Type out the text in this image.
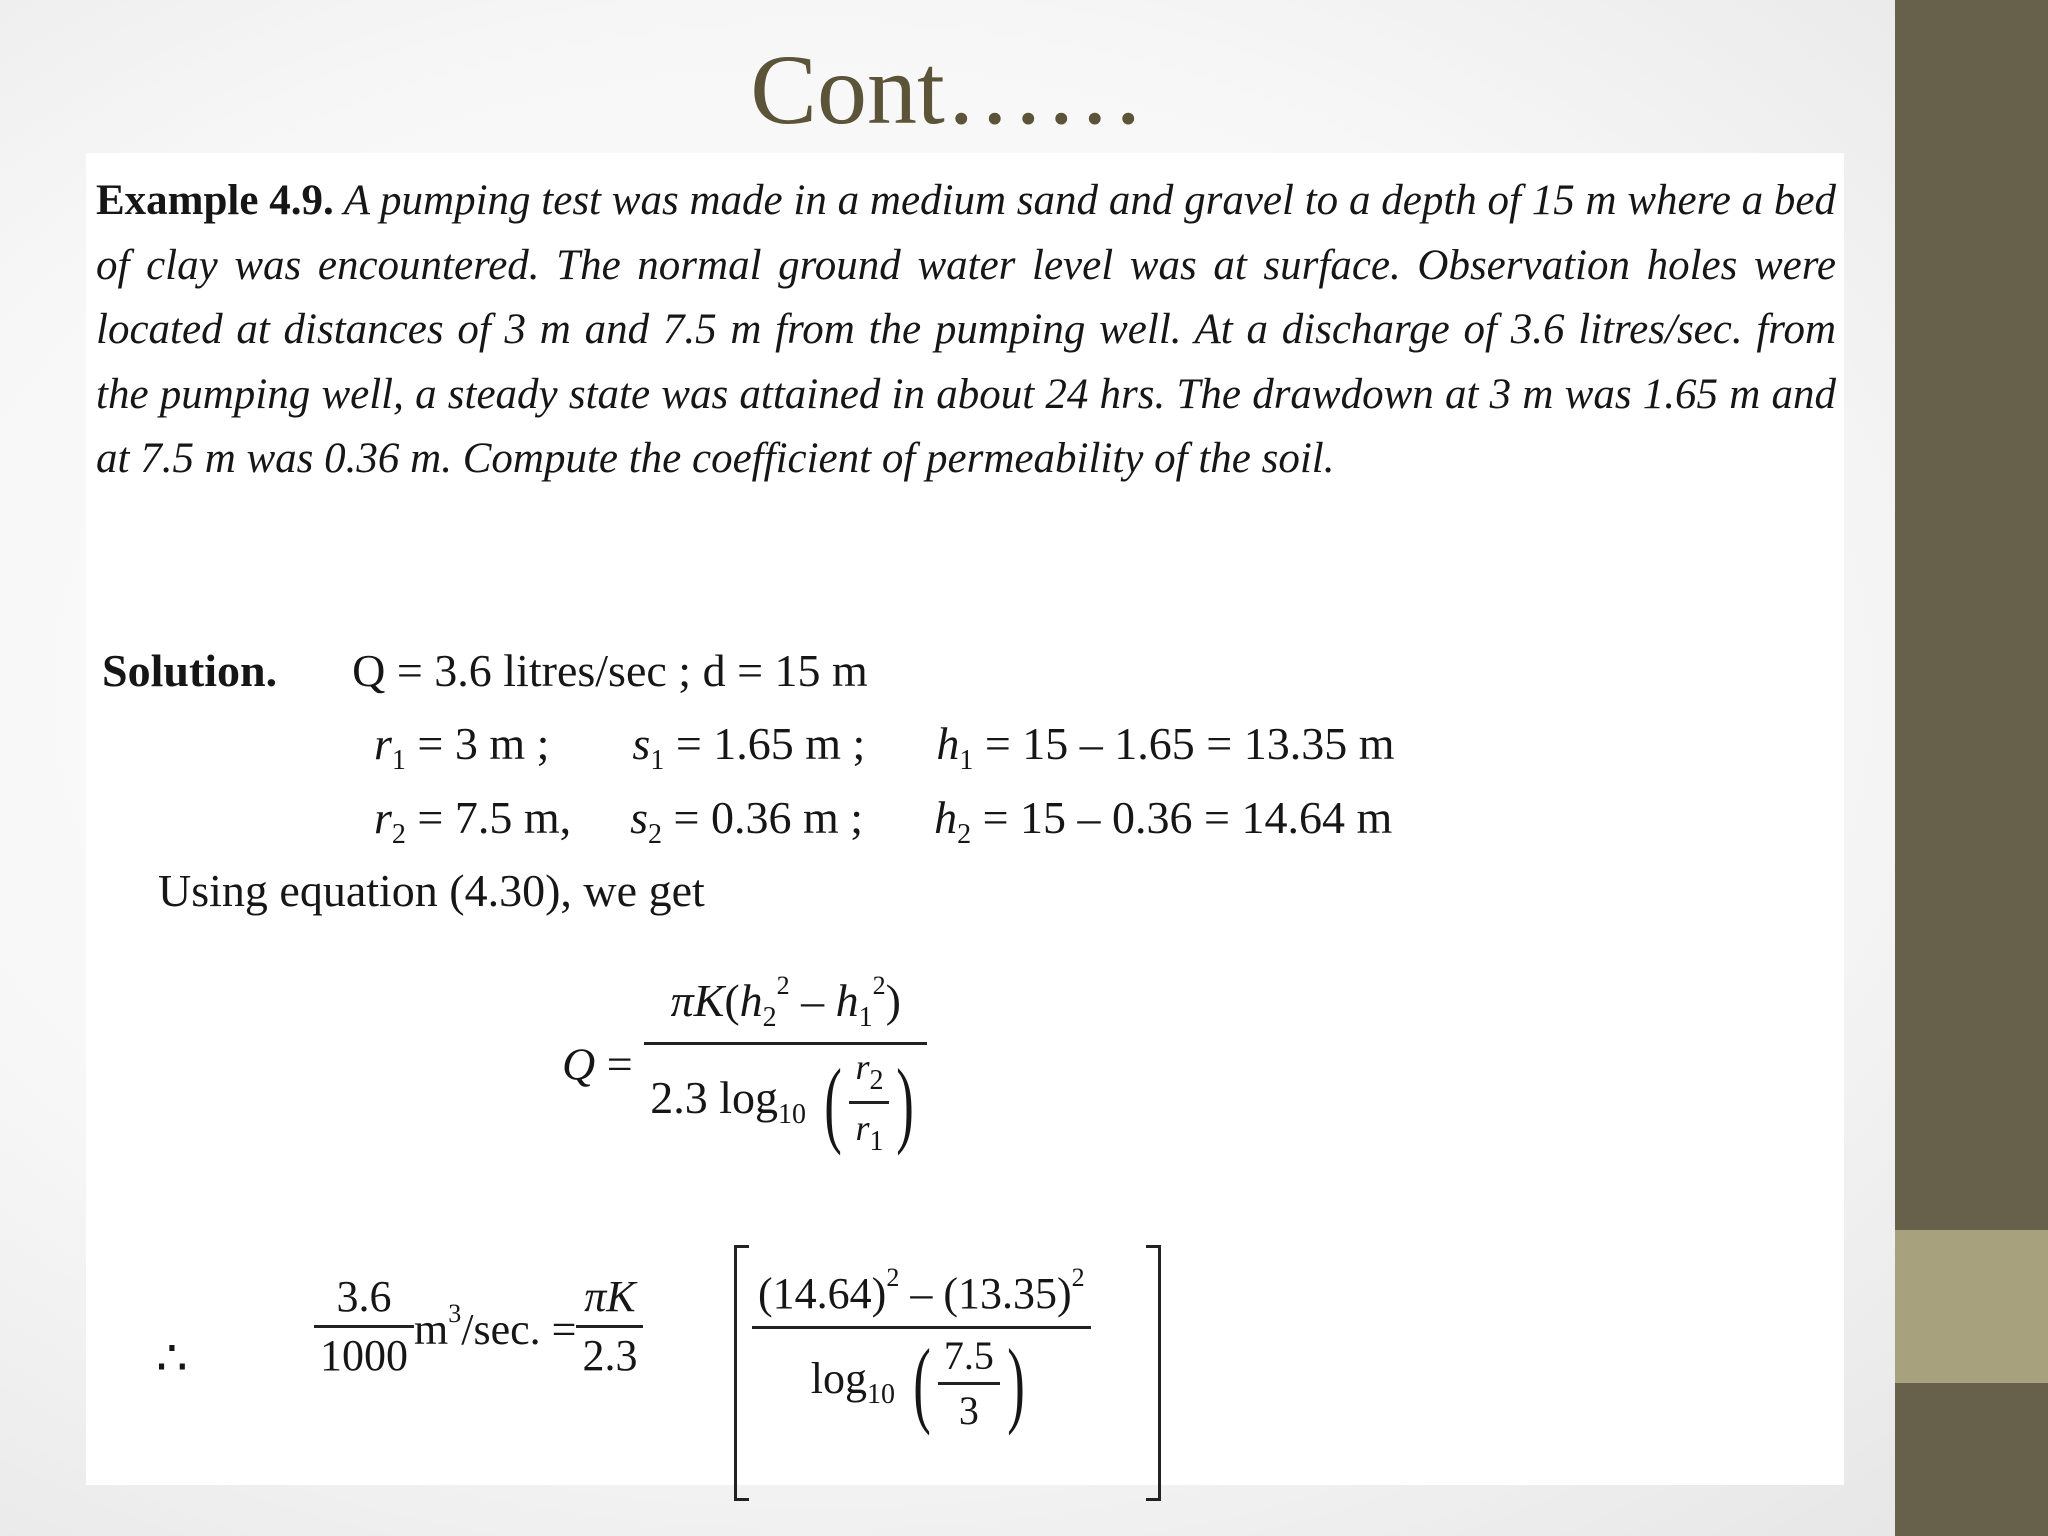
Cont……
Example 4.9. A pumping test was made in a medium sand and gravel to a depth of 15 m where a bed of clay was encountered. The normal ground water level was at surface. Observation holes were located at distances of 3 m and 7.5 m from the pumping well. At a discharge of 3.6 litres/sec. from the pumping well, a steady state was attained in about 24 hrs. The drawdown at 3 m was 1.65 m and at 7.5 m was 0.36 m. Compute the coefficient of permeability of the soil.
Solution. Q = 3.6 litres/sec ; d = 15 m
$r_1 = 3$ m ; $s_1 = 1.65$ m ; $h_1 = 15 - 1.65 = 13.35$ m
$r_2 = 7.5$ m, $s_2 = 0.36$ m ; $h_2 = 15 - 0.36 = 14.64$ m
Using equation (4.30), we get
$Q = \frac{\pi K(h_2^2 - h_1^2)}{2.3 \log_{10} ( \frac{r_2}{r_1} )}$
∴	$\frac{3.6}{1000} m^3/\sec$. = $\frac{\pi K}{2.3} \frac{(14.64)^2 - (13.35)^2}{\log_{10} ( \frac{7.5}{3} )}$
